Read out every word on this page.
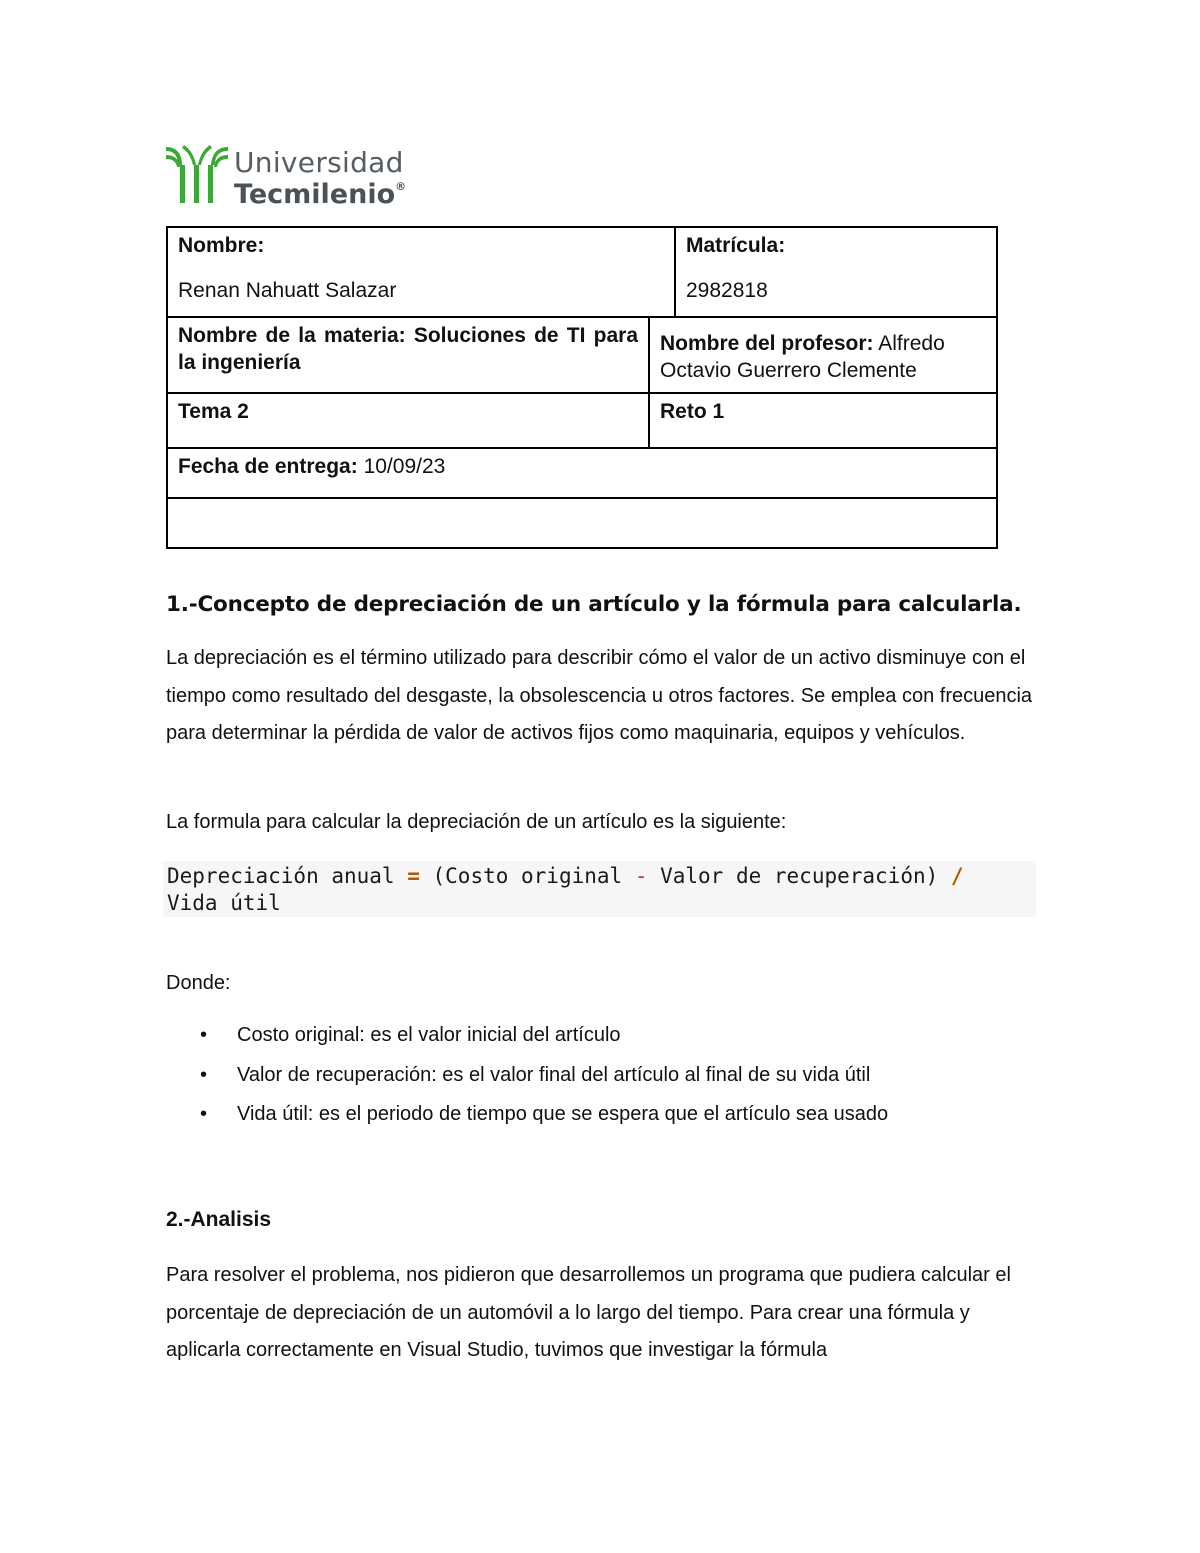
Universidad
Tecmilenio®
Nombre:
Renan Nahuatt Salazar
Matrícula:
2982818
Nombre de la materia: Soluciones de TI para la ingeniería
Nombre del profesor: Alfredo Octavio Guerrero Clemente
Tema 2	Reto 1
Fecha de entrega: 10/09/23
1.-Concepto de depreciación de un artículo y la fórmula para calcularla.
La depreciación es el término utilizado para describir cómo el valor de un activo disminuye con el tiempo como resultado del desgaste, la obsolescencia u otros factores. Se emplea con frecuencia para determinar la pérdida de valor de activos fijos como maquinaria, equipos y vehículos.
La formula para calcular la depreciación de un artículo es la siguiente:
Depreciación anual = (Costo original - Valor de recuperación) /
Vida útil
Donde:
• Costo original: es el valor inicial del artículo
• Valor de recuperación: es el valor final del artículo al final de su vida útil
• Vida útil: es el periodo de tiempo que se espera que el artículo sea usado
2.-Analisis
Para resolver el problema, nos pidieron que desarrollemos un programa que pudiera calcular el porcentaje de depreciación de un automóvil a lo largo del tiempo. Para crear una fórmula y aplicarla correctamente en Visual Studio, tuvimos que investigar la fórmula
